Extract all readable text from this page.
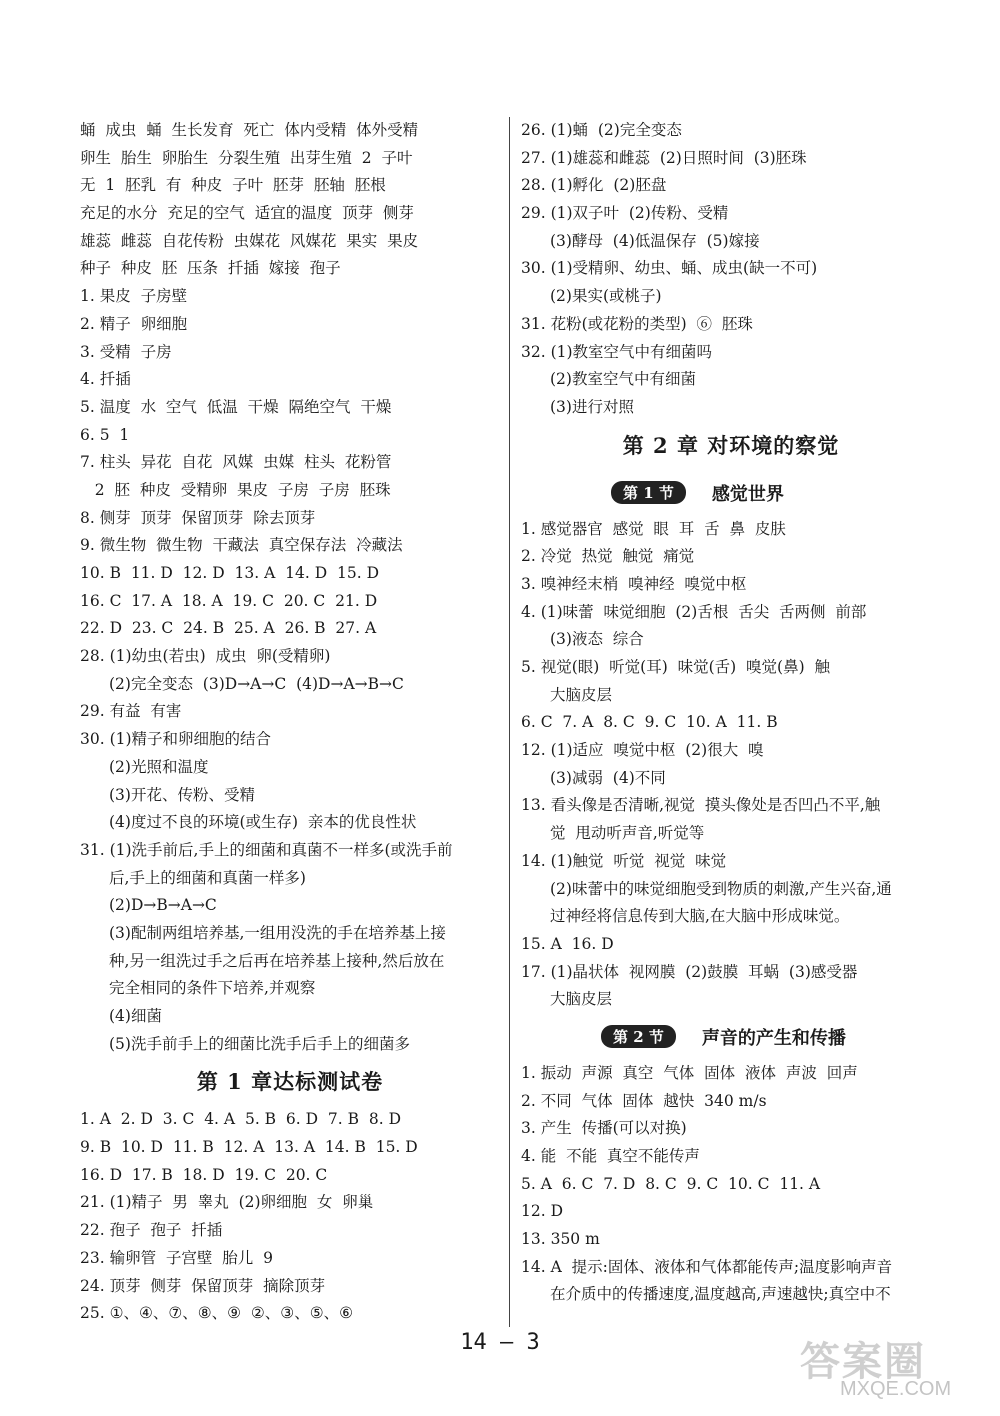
蛹  成虫  蛹  生长发育  死亡  体内受精  体外受精
卵生  胎生  卵胎生  分裂生殖  出芽生殖  2  子叶
无  1  胚乳  有  种皮  子叶  胚芽  胚轴  胚根
充足的水分  充足的空气  适宜的温度  顶芽  侧芽
雄蕊  雌蕊  自花传粉  虫媒花  风媒花  果实  果皮
种子  种皮  胚  压条  扦插  嫁接  孢子
1. 果皮  子房壁
2. 精子  卵细胞
3. 受精  子房
4. 扦插
5. 温度  水  空气  低温  干燥  隔绝空气  干燥
6. 5  1
7. 柱头  异花  自花  风媒  虫媒  柱头  花粉管
2  胚  种皮  受精卵  果皮  子房  子房  胚珠
8. 侧芽  顶芽  保留顶芽  除去顶芽
9. 微生物  微生物  干藏法  真空保存法  冷藏法
10. B  11. D  12. D  13. A  14. D  15. D
16. C  17. A  18. A  19. C  20. C  21. D
22. D  23. C  24. B  25. A  26. B  27. A
28. (1)幼虫(若虫)  成虫  卵(受精卵)
(2)完全变态  (3)D→A→C  (4)D→A→B→C
29. 有益  有害
30. (1)精子和卵细胞的结合
(2)光照和温度
(3)开花、传粉、受精
(4)度过不良的环境(或生存)  亲本的优良性状
31. (1)洗手前后,手上的细菌和真菌不一样多(或洗手前
后,手上的细菌和真菌一样多)
(2)D→B→A→C
(3)配制两组培养基,一组用没洗的手在培养基上接
种,另一组洗过手之后再在培养基上接种,然后放在
完全相同的条件下培养,并观察
(4)细菌
(5)洗手前手上的细菌比洗手后手上的细菌多
第 1 章达标测试卷
1. A  2. D  3. C  4. A  5. B  6. D  7. B  8. D
9. B  10. D  11. B  12. A  13. A  14. B  15. D
16. D  17. B  18. D  19. C  20. C
21. (1)精子  男  睾丸  (2)卵细胞  女  卵巢
22. 孢子  孢子  扦插
23. 输卵管  子宫壁  胎儿  9
24. 顶芽  侧芽  保留顶芽  摘除顶芽
25. ①、④、⑦、⑧、⑨  ②、③、⑤、⑥
26. (1)蛹  (2)完全变态
27. (1)雄蕊和雌蕊  (2)日照时间  (3)胚珠
28. (1)孵化  (2)胚盘
29. (1)双子叶  (2)传粉、受精
(3)酵母  (4)低温保存  (5)嫁接
30. (1)受精卵、幼虫、蛹、成虫(缺一不可)
(2)果实(或桃子)
31. 花粉(或花粉的类型)  ⑥  胚珠
32. (1)教室空气中有细菌吗
(2)教室空气中有细菌
(3)进行对照
第 2 章 对环境的察觉
第 1 节	感觉世界
1. 感觉器官  感觉  眼  耳  舌  鼻  皮肤
2. 冷觉  热觉  触觉  痛觉
3. 嗅神经末梢  嗅神经  嗅觉中枢
4. (1)味蕾  味觉细胞  (2)舌根  舌尖  舌两侧  前部
(3)液态  综合
5. 视觉(眼)  听觉(耳)  味觉(舌)  嗅觉(鼻)  触
大脑皮层
6. C  7. A  8. C  9. C  10. A  11. B
12. (1)适应  嗅觉中枢  (2)很大  嗅
(3)减弱  (4)不同
13. 看头像是否清晰,视觉  摸头像处是否凹凸不平,触
觉  甩动听声音,听觉等
14. (1)触觉  听觉  视觉  味觉
(2)味蕾中的味觉细胞受到物质的刺激,产生兴奋,通
过神经将信息传到大脑,在大脑中形成味觉。
15. A  16. D
17. (1)晶状体  视网膜  (2)鼓膜  耳蜗  (3)感受器
大脑皮层
第 2 节	声音的产生和传播
1. 振动  声源  真空  气体  固体  液体  声波  回声
2. 不同  气体  固体  越快  340 m/s
3. 产生  传播(可以对换)
4. 能  不能  真空不能传声
5. A  6. C  7. D  8. C  9. C  10. C  11. A
12. D
13. 350 m
14. A  提示:固体、液体和气体都能传声;温度影响声音
在介质中的传播速度,温度越高,声速越快;真空中不
14 — 3	答案圈
MXQE.COM
